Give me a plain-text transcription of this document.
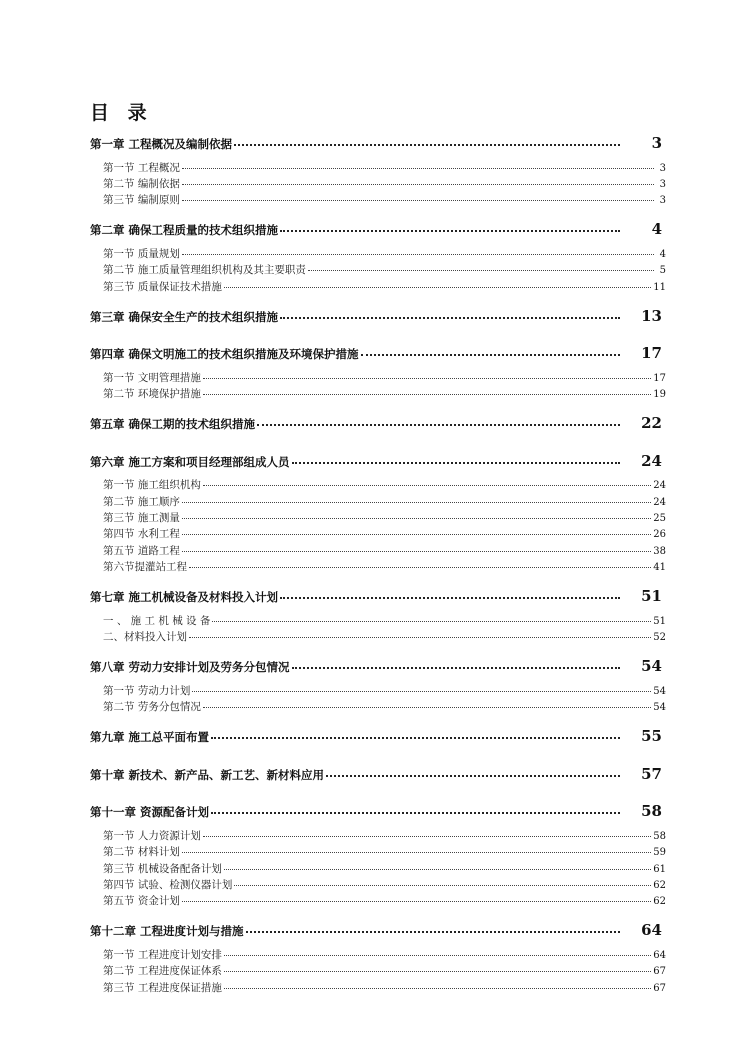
目 录
第一章 工程概况及编制依据	3
第一节 工程概况	3
第二节 编制依据	3
第三节 编制原则	3
第二章 确保工程质量的技术组织措施	4
第一节 质量规划	4
第二节 施工质量管理组织机构及其主要职责	5
第三节 质量保证技术措施	11
第三章 确保安全生产的技术组织措施	13
第四章 确保文明施工的技术组织措施及环境保护措施	17
第一节 文明管理措施	17
第二节 环境保护措施	19
第五章 确保工期的技术组织措施	22
第六章 施工方案和项目经理部组成人员	24
第一节 施工组织机构	24
第二节 施工顺序	24
第三节 施工测量	25
第四节 水利工程	26
第五节 道路工程	38
第六节提灌站工程	41
第七章 施工机械设备及材料投入计划	51
一 、 施 工 机 械 设 备	51
二、材料投入计划	52
第八章 劳动力安排计划及劳务分包情况	54
第一节 劳动力计划	54
第二节 劳务分包情况	54
第九章 施工总平面布置	55
第十章 新技术、新产品、新工艺、新材料应用	57
第十一章 资源配备计划	58
第一节 人力资源计划	58
第二节 材料计划	59
第三节 机械设备配备计划	61
第四节 试验、检测仪器计划	62
第五节 资金计划	62
第十二章 工程进度计划与措施	64
第一节 工程进度计划安排	64
第二节 工程进度保证体系	67
第三节 工程进度保证措施	67
